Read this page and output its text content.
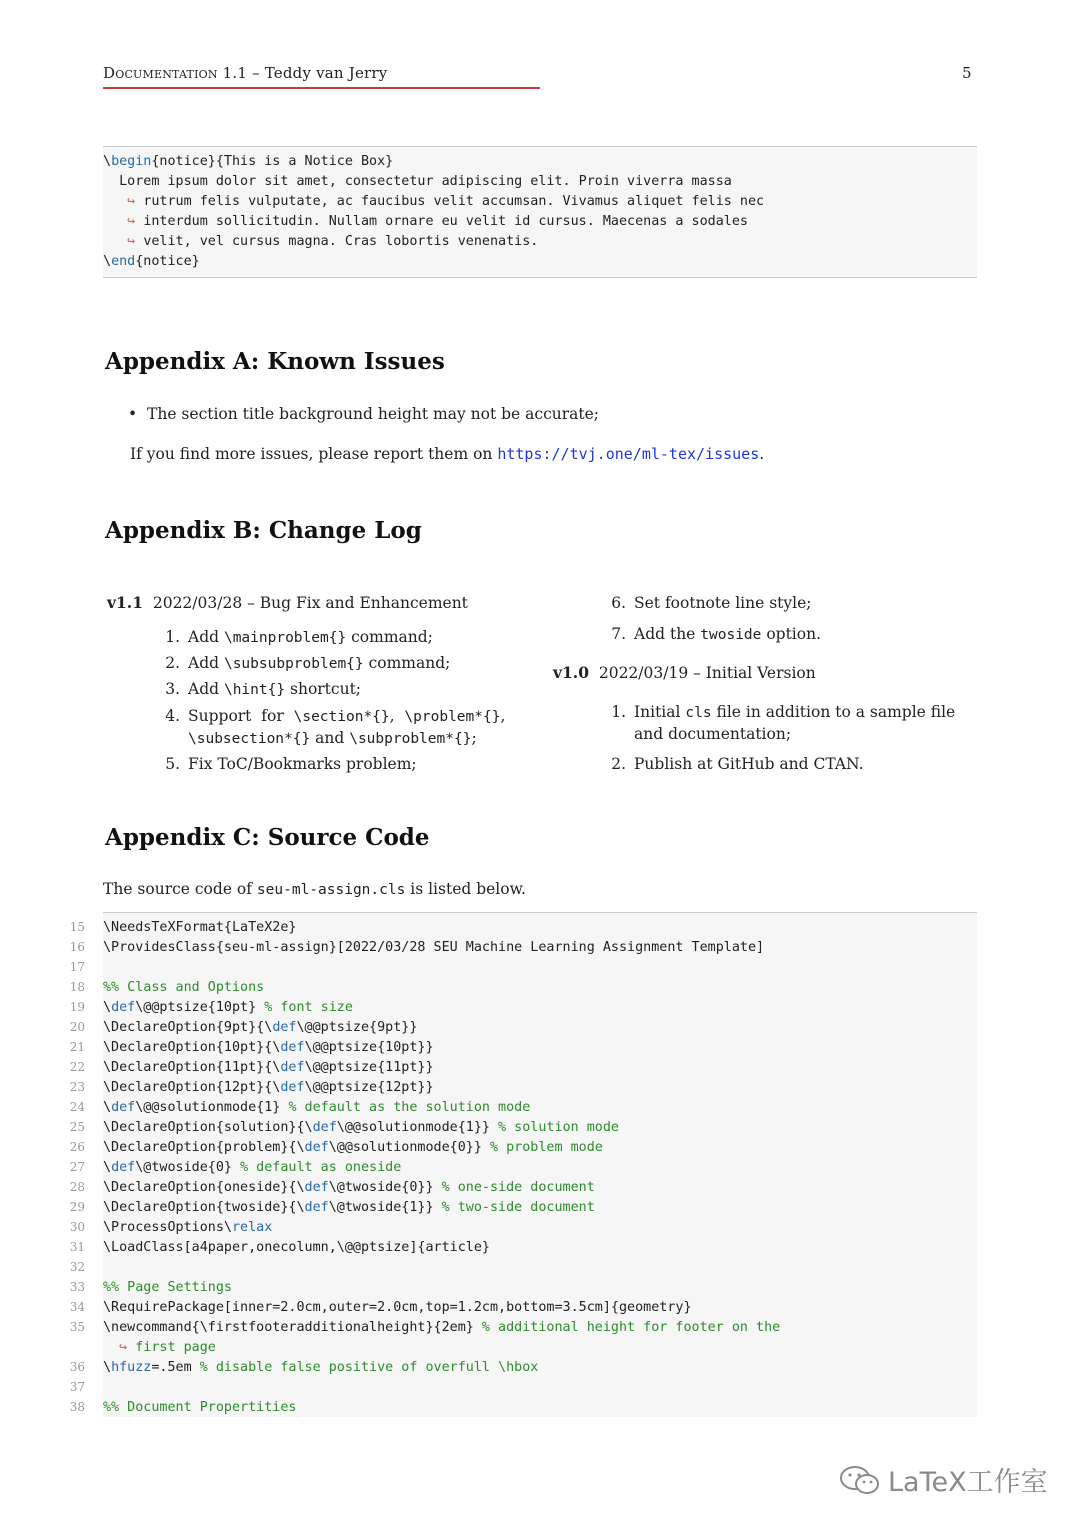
Documentation 1.1 – Teddy van Jerry	5
\begin{notice}{This is a Notice Box}
Lorem ipsum dolor sit amet, consectetur adipiscing elit. Proin viverra massa
↪ rutrum felis vulputate, ac faucibus velit accumsan. Vivamus aliquet felis nec
↪ interdum sollicitudin. Nullam ornare eu velit id cursus. Maecenas a sodales
↪ velit, vel cursus magna. Cras lobortis venenatis.
\end{notice}
Appendix A: Known Issues
• The section title background height may not be accurate;
If you find more issues, please report them on https://tvj.one/ml-tex/issues.
Appendix B: Change Log
v1.1 2022/03/28 – Bug Fix and Enhancement
1. Add \mainproblem{} command;
2. Add \subsubproblem{} command;
3. Add \hint{} shortcut;
4. Support  for  \section*{},  \problem*{},
\subsection*{} and \subproblem*{};
5. Fix ToC/Bookmarks problem;
6. Set footnote line style;
7. Add the twoside option.
v1.0 2022/03/19 – Initial Version
1. Initial cls file in addition to a sample file
and documentation;
2. Publish at GitHub and CTAN.
Appendix C: Source Code
The source code of seu-ml-assign.cls is listed below.
\NeedsTeXFormat{LaTeX2e}
\ProvidesClass{seu-ml-assign}[2022/03/28 SEU Machine Learning Assignment Template]
%% Class and Options
\def\@@ptsize{10pt} % font size
\DeclareOption{9pt}{\def\@@ptsize{9pt}}
\DeclareOption{10pt}{\def\@@ptsize{10pt}}
\DeclareOption{11pt}{\def\@@ptsize{11pt}}
\DeclareOption{12pt}{\def\@@ptsize{12pt}}
\def\@@solutionmode{1} % default as the solution mode
\DeclareOption{solution}{\def\@@solutionmode{1}} % solution mode
\DeclareOption{problem}{\def\@@solutionmode{0}} % problem mode
\def\@twoside{0} % default as oneside
\DeclareOption{oneside}{\def\@twoside{0}} % one-side document
\DeclareOption{twoside}{\def\@twoside{1}} % two-side document
\ProcessOptions\relax
\LoadClass[a4paper,onecolumn,\@@ptsize]{article}
%% Page Settings
\RequirePackage[inner=2.0cm,outer=2.0cm,top=1.2cm,bottom=3.5cm]{geometry}
\newcommand{\firstfooteradditionalheight}{2em} % additional height for footer on the
↪ first page
\hfuzz=.5em % disable false positive of overfull \hbox
%% Document Propertities
15
16
17
18
19
20
21
22
23
24
25
26
27
28
29
30
31
32
33
34
35
36
37
38
LaTeX工作室
